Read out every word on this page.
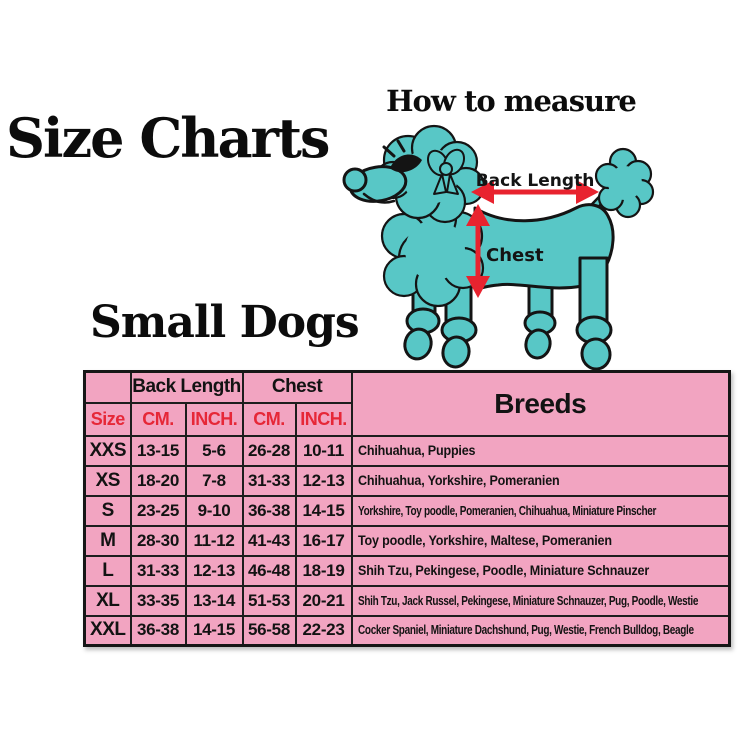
Size Charts
How to measure
Small Dogs
Back Length
Chest
	Back Length		Chest		Breeds
Size	CM.	INCH.	CM.	INCH.	
XXS	13-15	5-6	26-28	10-11	Chihuahua, Puppies
XS	18-20	7-8	31-33	12-13	Chihuahua, Yorkshire, Pomeranien
S	23-25	9-10	36-38	14-15	Yorkshire, Toy poodle, Pomeranien, Chihuahua, Miniature Pinscher
M	28-30	11-12	41-43	16-17	Toy poodle, Yorkshire, Maltese, Pomeranien
L	31-33	12-13	46-48	18-19	Shih Tzu, Pekingese, Poodle, Miniature Schnauzer
XL	33-35	13-14	51-53	20-21	Shih Tzu, Jack Russel, Pekingese, Miniature Schnauzer, Pug, Poodle, Westie
XXL	36-38	14-15	56-58	22-23	Cocker Spaniel, Miniature Dachshund, Pug, Westie, French Bulldog, Beagle
